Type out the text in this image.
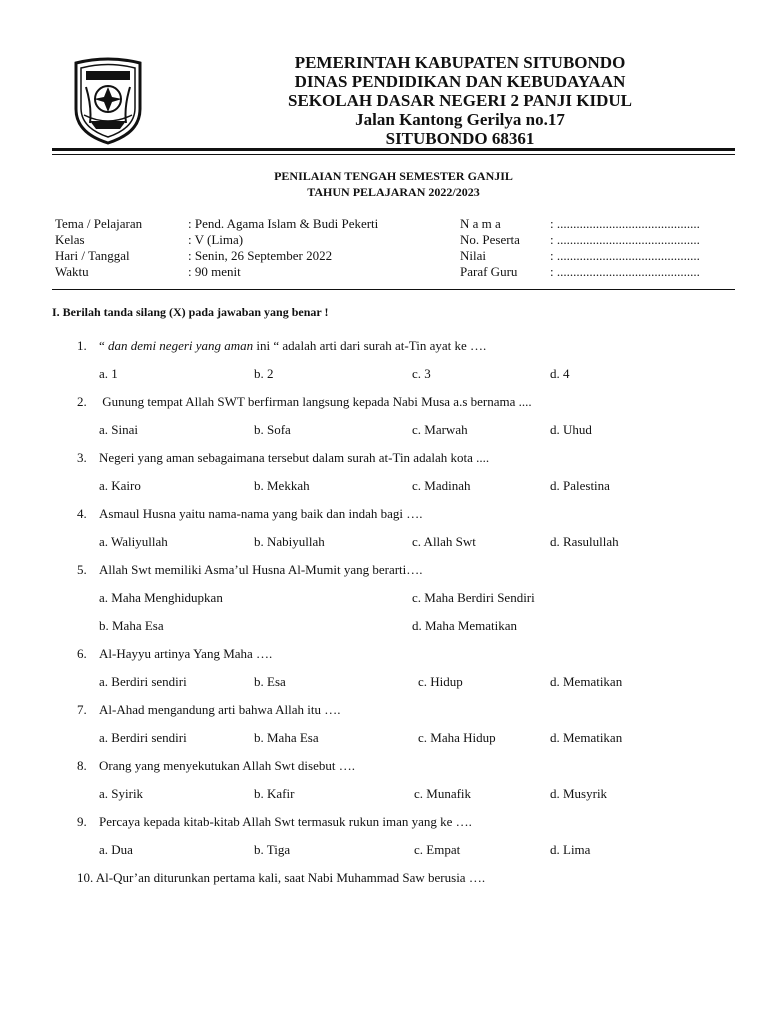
PEMERINTAH KABUPATEN SITUBONDO
DINAS PENDIDIKAN DAN KEBUDAYAAN
SEKOLAH DASAR NEGERI 2 PANJI KIDUL
Jalan Kantong Gerilya no.17
SITUBONDO 68361
PENILAIAN TENGAH SEMESTER GANJIL
TAHUN PELAJARAN 2022/2023
Tema / Pelajaran	: Pend. Agama Islam & Budi Pekerti
Kelas	: V (Lima)
Hari / Tanggal	: Senin, 26 September 2022
Waktu	: 90 menit
N a m a	: ............................................
No. Peserta : ............................................
Nilai	: ............................................
Paraf Guru	: ............................................
I. Berilah tanda silang (X) pada jawaban yang benar !
1. “ dan demi negeri yang aman ini “ adalah arti dari surah at-Tin ayat ke ….
a. 1	b. 2	c. 3	d. 4
2. Gunung tempat Allah SWT berfirman langsung kepada Nabi Musa a.s bernama ....
a. Sinai	b. Sofa	c. Marwah	d. Uhud
3. Negeri yang aman sebagaimana tersebut dalam surah at-Tin adalah kota ....
a. Kairo	b. Mekkah	c. Madinah	d. Palestina
4. Asmaul Husna yaitu nama-nama yang baik dan indah bagi ….
a. Waliyullah	b. Nabiyullah	c. Allah Swt	d. Rasulullah
5. Allah Swt memiliki Asma’ul Husna Al-Mumit yang berarti….
a. Maha Menghidupkan	c. Maha Berdiri Sendiri
b. Maha Esa	d. Maha Mematikan
6. Al-Hayyu artinya Yang Maha ….
a. Berdiri sendiri	b. Esa	c. Hidup	d. Mematikan
7. Al-Ahad mengandung arti bahwa Allah itu ….
a. Berdiri sendiri	b. Maha Esa	c. Maha Hidup	d. Mematikan
8. Orang yang menyekutukan Allah Swt disebut ….
a. Syirik	b. Kafir	c. Munafik	d. Musyrik
9. Percaya kepada kitab-kitab Allah Swt termasuk rukun iman yang ke ….
a. Dua	b. Tiga	c. Empat	d. Lima
10. Al-Qur’an diturunkan pertama kali, saat Nabi Muhammad Saw berusia ….
